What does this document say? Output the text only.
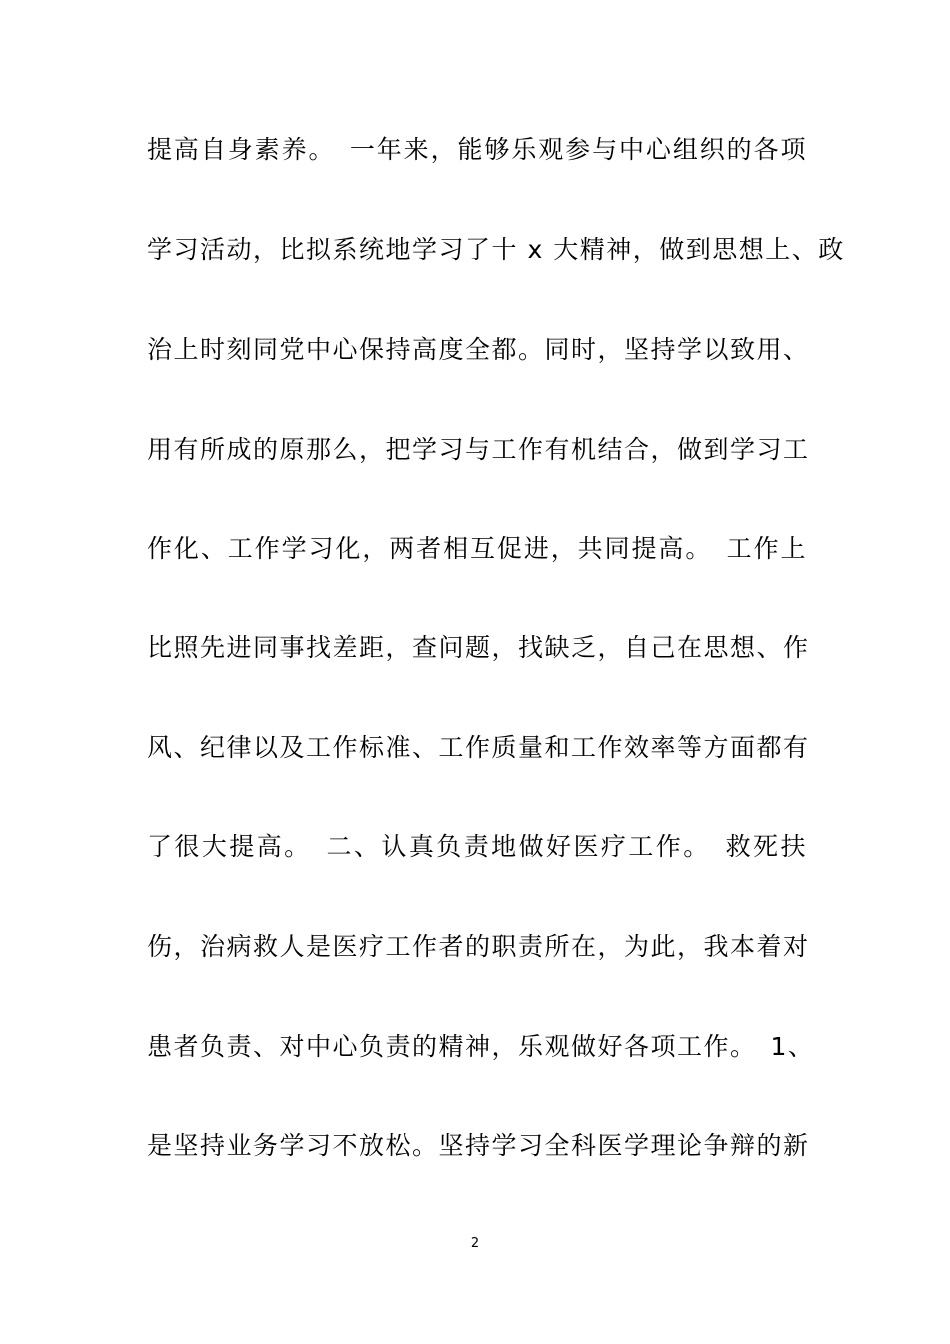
提高自身素养。　一年来，能够乐观参与中心组织的各项
学习活动，比拟系统地学习了十 x 大精神，做到思想上、政
治上时刻同党中心保持高度全都。同时，坚持学以致用、
用有所成的原那么，把学习与工作有机结合，做到学习工
作化、工作学习化，两者相互促进，共同提高。　工作上
比照先进同事找差距，查问题，找缺乏，自己在思想、作
风、纪律以及工作标准、工作质量和工作效率等方面都有
了很大提高。　二、认真负责地做好医疗工作。　救死扶
伤，治病救人是医疗工作者的职责所在，为此，我本着对
患者负责、对中心负责的精神，乐观做好各项工作。　1、
是坚持业务学习不放松。坚持学习全科医学理论争辩的新
2
